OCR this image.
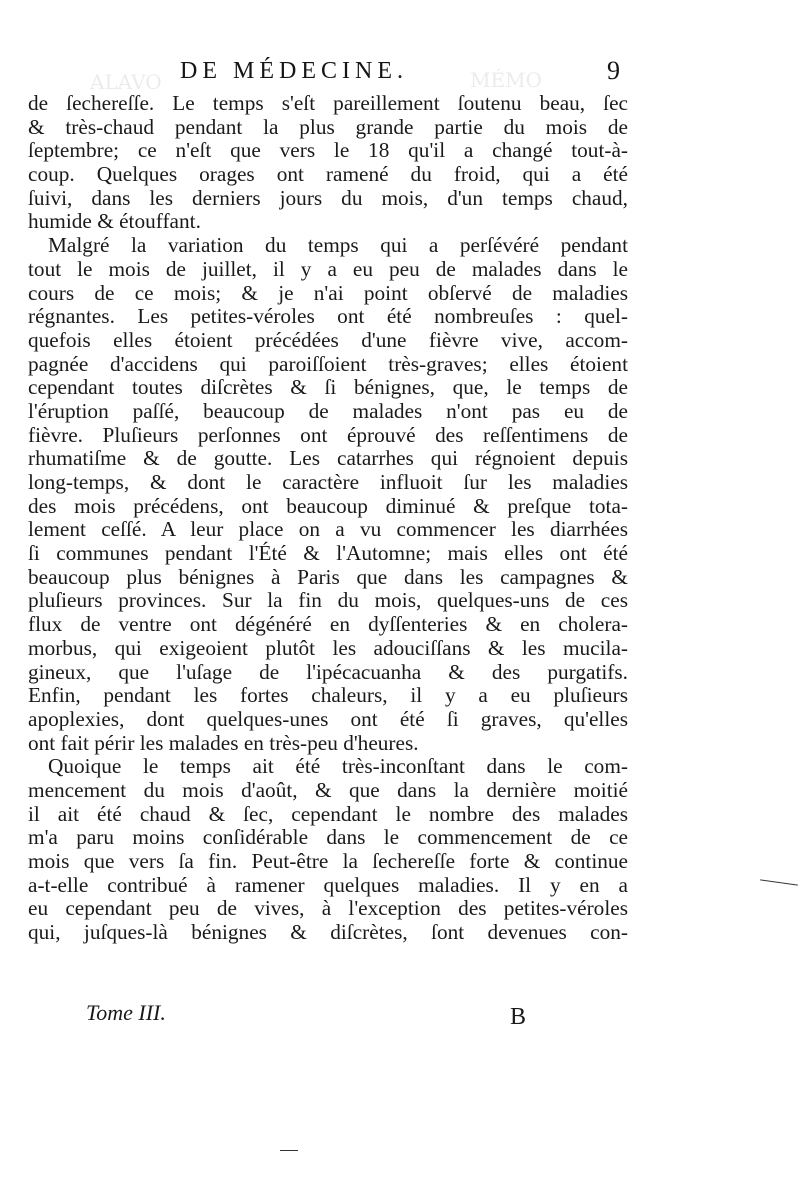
ALAVO	MÉMO
DE MÉDECINE.	9
de ſechereſſe. Le temps s'eſt pareillement ſoutenu beau, ſec
& très-chaud pendant la plus grande partie du mois de
ſeptembre; ce n'eſt que vers le 18 qu'il a changé tout-à-
coup. Quelques orages ont ramené du froid, qui a été
ſuivi, dans les derniers jours du mois, d'un temps chaud,
humide & étouffant.
Malgré la variation du temps qui a perſévéré pendant
tout le mois de juillet, il y a eu peu de malades dans le
cours de ce mois; & je n'ai point obſervé de maladies
régnantes. Les petites-véroles ont été nombreuſes : quel-
quefois elles étoient précédées d'une fièvre vive, accom-
pagnée d'accidens qui paroiſſoient très-graves; elles étoient
cependant toutes diſcrètes & ſi bénignes, que, le temps de
l'éruption paſſé, beaucoup de malades n'ont pas eu de
fièvre. Pluſieurs perſonnes ont éprouvé des reſſentimens de
rhumatiſme & de goutte. Les catarrhes qui régnoient depuis
long-temps, & dont le caractère influoit ſur les maladies
des mois précédens, ont beaucoup diminué & preſque tota-
lement ceſſé. A leur place on a vu commencer les diarrhées
ſi communes pendant l'Été & l'Automne; mais elles ont été
beaucoup plus bénignes à Paris que dans les campagnes &
pluſieurs provinces. Sur la fin du mois, quelques-uns de ces
flux de ventre ont dégénéré en dyſſenteries & en cholera-
morbus, qui exigeoient plutôt les adouciſſans & les mucila-
gineux, que l'uſage de l'ipécacuanha & des purgatifs.
Enfin, pendant les fortes chaleurs, il y a eu pluſieurs
apoplexies, dont quelques-unes ont été ſi graves, qu'elles
ont fait périr les malades en très-peu d'heures.
Quoique le temps ait été très-inconſtant dans le com-
mencement du mois d'août, & que dans la dernière moitié
il ait été chaud & ſec, cependant le nombre des malades
m'a paru moins conſidérable dans le commencement de ce
mois que vers ſa fin. Peut-être la ſechereſſe forte & continue
a-t-elle contribué à ramener quelques maladies. Il y en a
eu cependant peu de vives, à l'exception des petites-véroles
qui, juſques-là bénignes & diſcrètes, ſont devenues con-
Tome III.	B
